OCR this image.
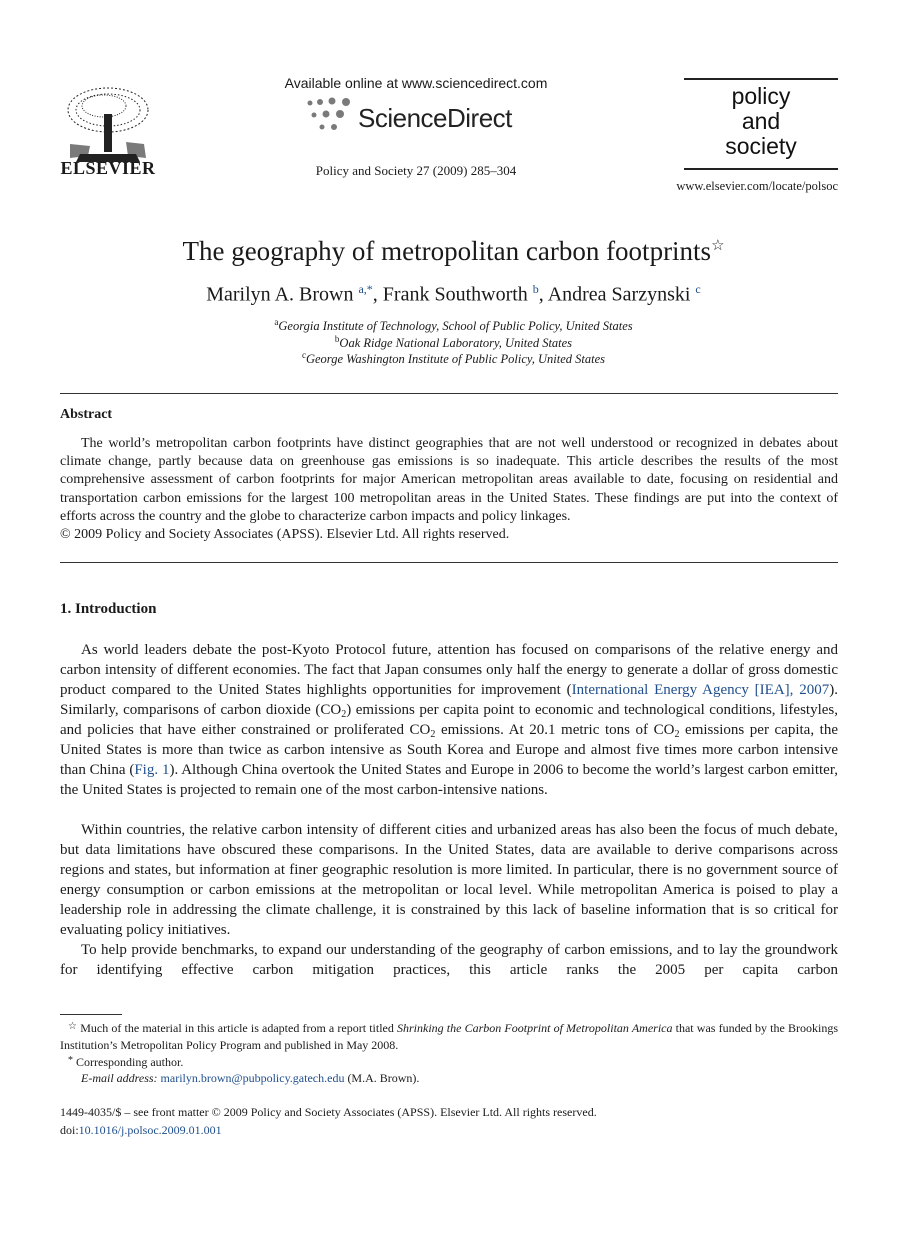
ELSEVIER
Available online at www.sciencedirect.com
ScienceDirect
Policy and Society 27 (2009) 285–304
policy
and
society
www.elsevier.com/locate/polsoc
The geography of metropolitan carbon footprints☆
Marilyn A. Brown $^{a,*}$, Frank Southworth $^b$, Andrea Sarzynski $^c$
$^a$Georgia Institute of Technology, School of Public Policy, United States
$^b$Oak Ridge National Laboratory, United States
$^c$George Washington Institute of Public Policy, United States
Abstract
The world’s metropolitan carbon footprints have distinct geographies that are not well understood or recognized in debates about climate change, partly because data on greenhouse gas emissions is so inadequate. This article describes the results of the most comprehensive assessment of carbon footprints for major American metropolitan areas available to date, focusing on residential and transportation carbon emissions for the largest 100 metropolitan areas in the United States. These findings are put into the context of efforts across the country and the globe to characterize carbon impacts and policy linkages.
© 2009 Policy and Society Associates (APSS). Elsevier Ltd. All rights reserved.
1. Introduction
As world leaders debate the post-Kyoto Protocol future, attention has focused on comparisons of the relative energy and carbon intensity of different economies. The fact that Japan consumes only half the energy to generate a dollar of gross domestic product compared to the United States highlights opportunities for improvement (International Energy Agency [IEA], 2007). Similarly, comparisons of carbon dioxide $(CO_2)$ emissions per capita point to economic and technological conditions, lifestyles, and policies that have either constrained or proliferated $CO_2$ emissions. At 20.1 metric tons of $CO_2$ emissions per capita, the United States is more than twice as carbon intensive as South Korea and Europe and almost five times more carbon intensive than China (Fig. 1). Although China overtook the United States and Europe in 2006 to become the world’s largest carbon emitter, the United States is projected to remain one of the most carbon-intensive nations.
Within countries, the relative carbon intensity of different cities and urbanized areas has also been the focus of much debate, but data limitations have obscured these comparisons. In the United States, data are available to derive comparisons across regions and states, but information at finer geographic resolution is more limited. In particular, there is no government source of energy consumption or carbon emissions at the metropolitan or local level. While metropolitan America is poised to play a leadership role in addressing the climate challenge, it is constrained by this lack of baseline information that is so critical for evaluating policy initiatives.
To help provide benchmarks, to expand our understanding of the geography of carbon emissions, and to lay the groundwork for identifying effective carbon mitigation practices, this article ranks the 2005 per capita carbon
☆ Much of the material in this article is adapted from a report titled Shrinking the Carbon Footprint of Metropolitan America that was funded by the Brookings Institution’s Metropolitan Policy Program and published in May 2008.
* Corresponding author.
E-mail address: marilyn.brown@pubpolicy.gatech.edu (M.A. Brown).
1449-4035/$ – see front matter © 2009 Policy and Society Associates (APSS). Elsevier Ltd. All rights reserved.
doi:10.1016/j.polsoc.2009.01.001
